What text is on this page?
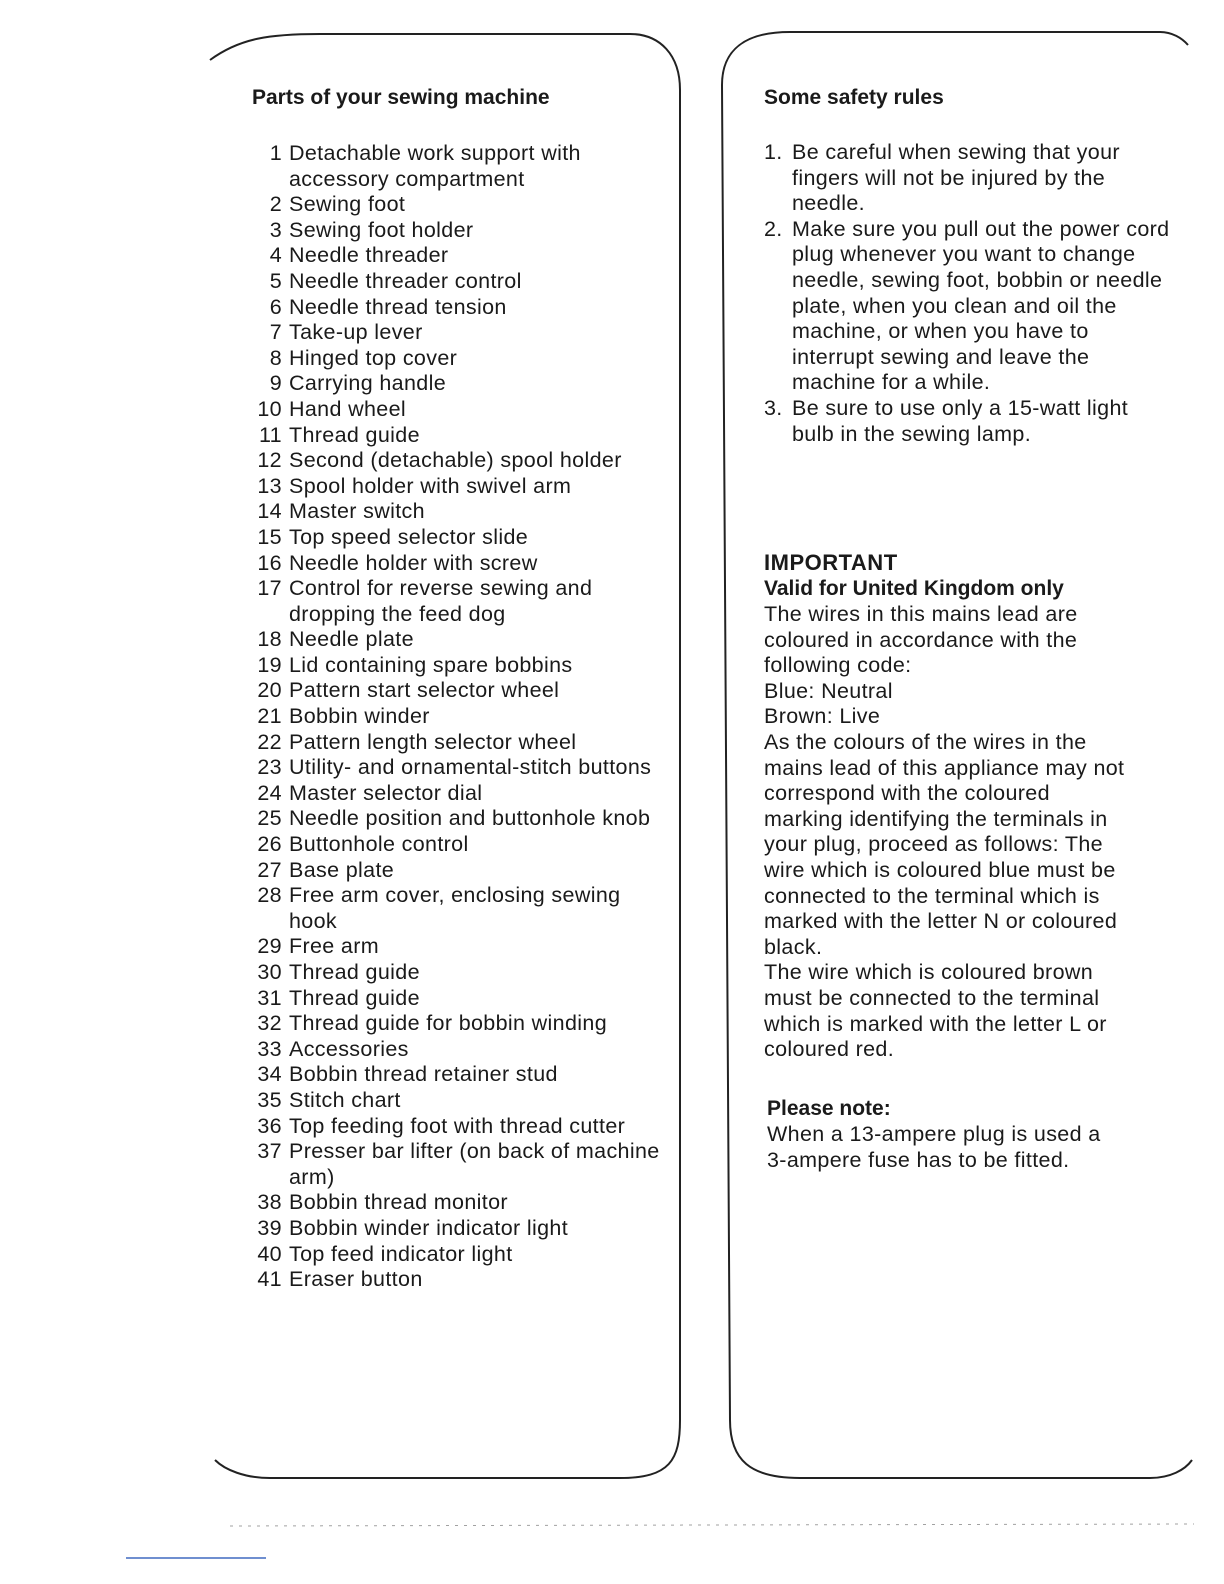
Parts of your sewing machine
1 Detachable work support with accessory compartment
2 Sewing foot
3 Sewing foot holder
4 Needle threader
5 Needle threader control
6 Needle thread tension
7 Take-up lever
8 Hinged top cover
9 Carrying handle
10 Hand wheel
11 Thread guide
12 Second (detachable) spool holder
13 Spool holder with swivel arm
14 Master switch
15 Top speed selector slide
16 Needle holder with screw
17 Control for reverse sewing and dropping the feed dog
18 Needle plate
19 Lid containing spare bobbins
20 Pattern start selector wheel
21 Bobbin winder
22 Pattern length selector wheel
23 Utility- and ornamental-stitch buttons
24 Master selector dial
25 Needle position and buttonhole knob
26 Buttonhole control
27 Base plate
28 Free arm cover, enclosing sewing hook
29 Free arm
30 Thread guide
31 Thread guide
32 Thread guide for bobbin winding
33 Accessories
34 Bobbin thread retainer stud
35 Stitch chart
36 Top feeding foot with thread cutter
37 Presser bar lifter (on back of machine arm)
38 Bobbin thread monitor
39 Bobbin winder indicator light
40 Top feed indicator light
41 Eraser button
Some safety rules
1. Be careful when sewing that your fingers will not be injured by the needle.
2. Make sure you pull out the power cord plug whenever you want to change needle, sewing foot, bobbin or needle plate, when you clean and oil the machine, or when you have to interrupt sewing and leave the machine for a while.
3. Be sure to use only a 15-watt light bulb in the sewing lamp.
IMPORTANT
Valid for United Kingdom only
The wires in this mains lead are
coloured in accordance with the
following code:
Blue: Neutral
Brown: Live
As the colours of the wires in the
mains lead of this appliance may not
correspond with the coloured
marking identifying the terminals in
your plug, proceed as follows: The
wire which is coloured blue must be
connected to the terminal which is
marked with the letter N or coloured
black.
The wire which is coloured brown
must be connected to the terminal
which is marked with the letter L or
coloured red.
Please note:
When a 13-ampere plug is used a
3-ampere fuse has to be fitted.
